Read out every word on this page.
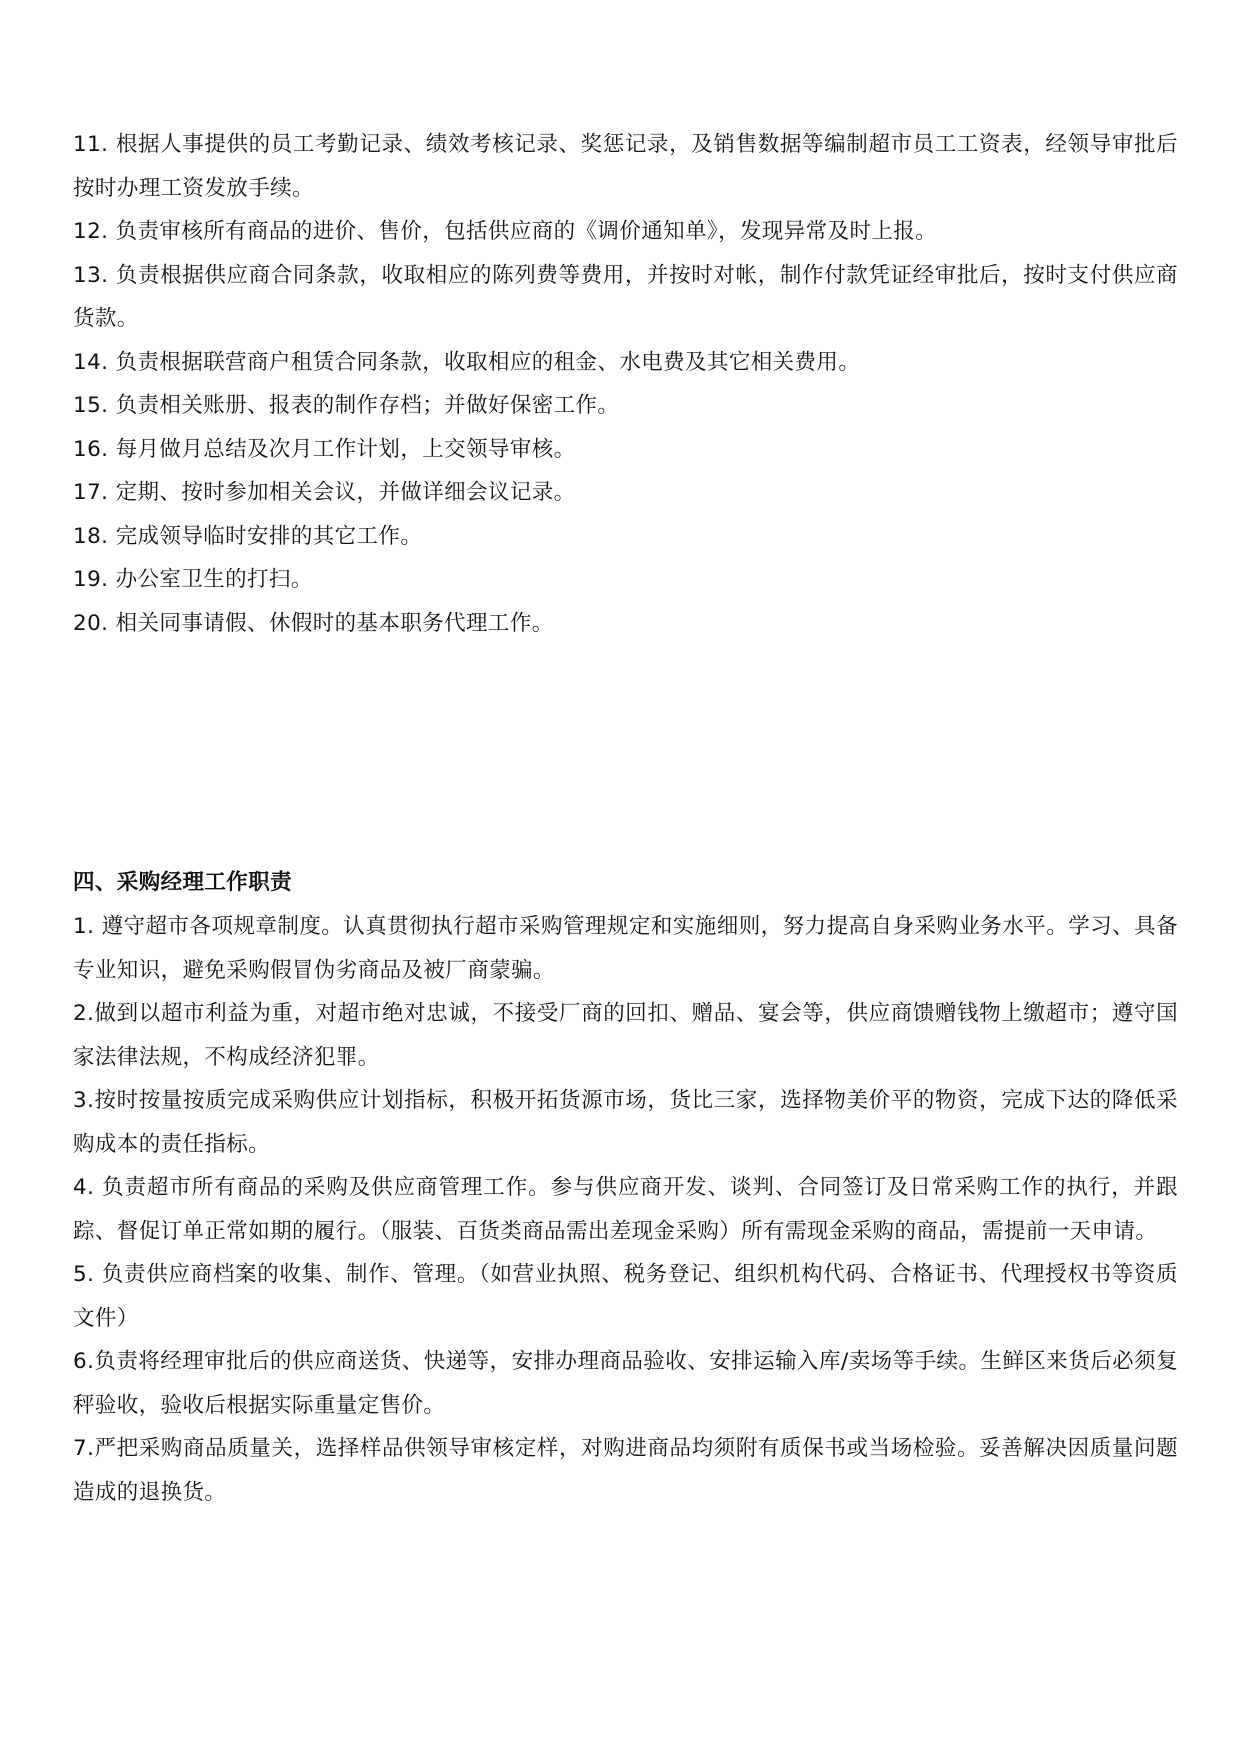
11. 根据人事提供的员工考勤记录、绩效考核记录、奖惩记录，及销售数据等编制超市员工工资表，经领导审批后按时办理工资发放手续。

12. 负责审核所有商品的进价、售价，包括供应商的《调价通知单》，发现异常及时上报。

13. 负责根据供应商合同条款，收取相应的陈列费等费用，并按时对帐，制作付款凭证经审批后，按时支付供应商货款。

14. 负责根据联营商户租赁合同条款，收取相应的租金、水电费及其它相关费用。

15. 负责相关账册、报表的制作存档；并做好保密工作。

16. 每月做月总结及次月工作计划，上交领导审核。

17. 定期、按时参加相关会议，并做详细会议记录。

18. 完成领导临时安排的其它工作。

19. 办公室卫生的打扫。

20. 相关同事请假、休假时的基本职务代理工作。

四、采购经理工作职责

1. 遵守超市各项规章制度。认真贯彻执行超市采购管理规定和实施细则，努力提高自身采购业务水平。学习、具备专业知识，避免采购假冒伪劣商品及被厂商蒙骗。

2.做到以超市利益为重，对超市绝对忠诚，不接受厂商的回扣、赠品、宴会等，供应商馈赠钱物上缴超市；遵守国家法律法规，不构成经济犯罪。

3.按时按量按质完成采购供应计划指标，积极开拓货源市场，货比三家，选择物美价平的物资，完成下达的降低采购成本的责任指标。

4. 负责超市所有商品的采购及供应商管理工作。参与供应商开发、谈判、合同签订及日常采购工作的执行，并跟踪、督促订单正常如期的履行。（服装、百货类商品需出差现金采购）所有需现金采购的商品，需提前一天申请。

5. 负责供应商档案的收集、制作、管理。（如营业执照、税务登记、组织机构代码、合格证书、代理授权书等资质文件）

6.负责将经理审批后的供应商送货、快递等，安排办理商品验收、安排运输入库/卖场等手续。生鲜区来货后必须复秤验收，验收后根据实际重量定售价。

7.严把采购商品质量关，选择样品供领导审核定样，对购进商品均须附有质保书或当场检验。妥善解决因质量问题造成的退换货。
